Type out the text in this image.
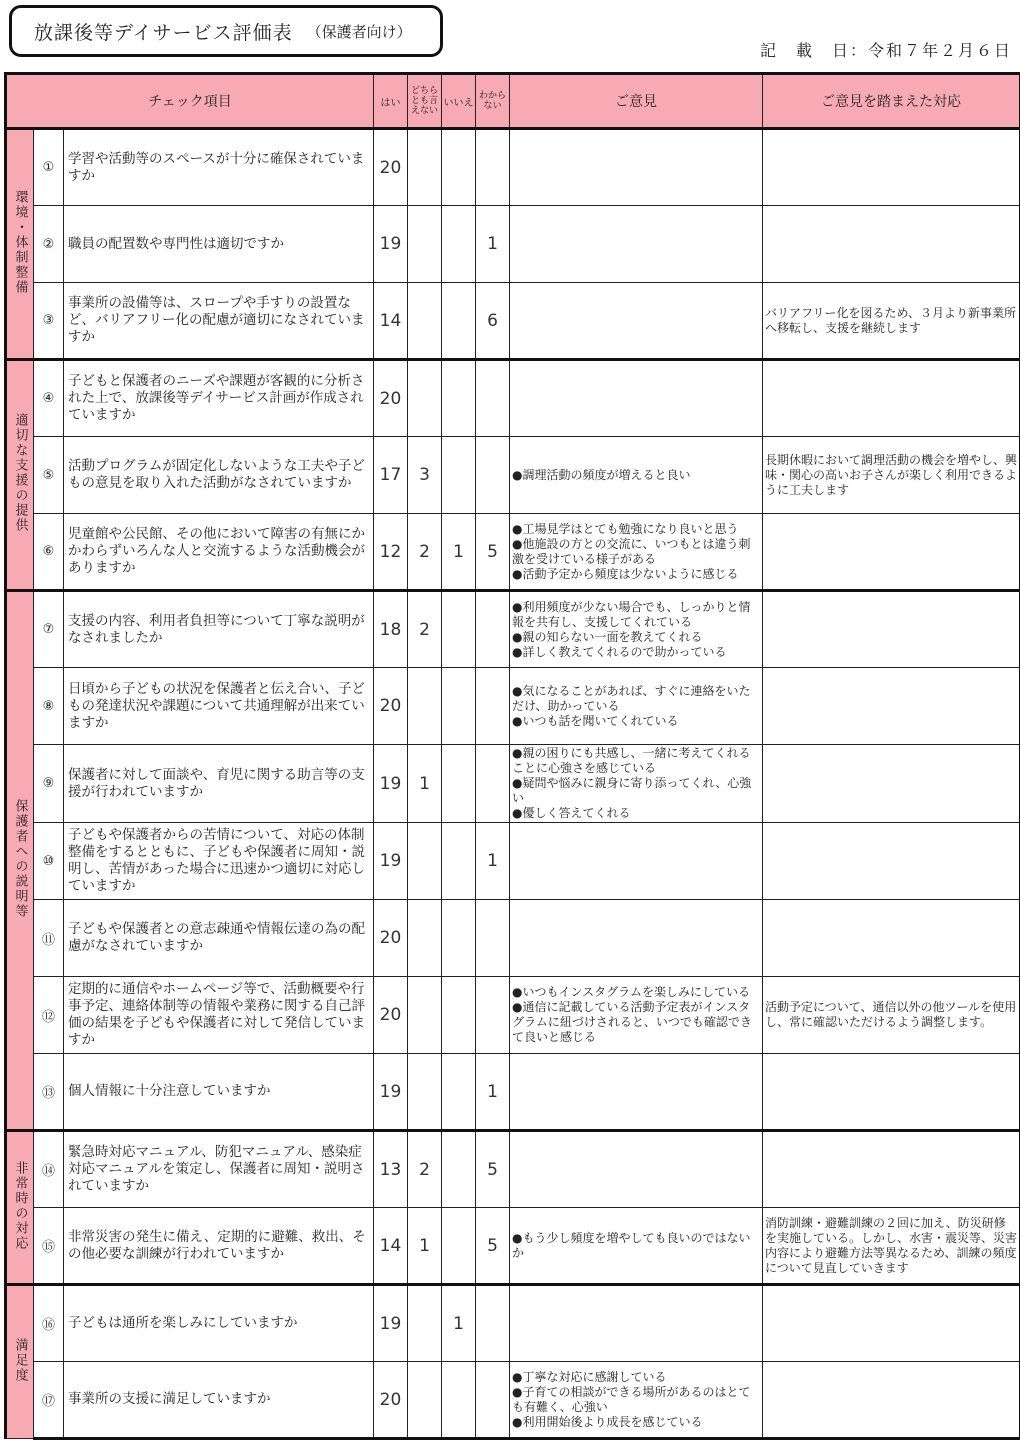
放課後等デイサービス評価表 （保護者向け）
記　載　日：令和７年２月６日
チェック項目			はい	どちらとも言えない	いいえ	わからない	ご意見	ご意見を踏まえた対応
環境・体制整備	①	学習や活動等のスペースが十分に確保されていますか	20					
	②	職員の配置数や専門性は適切ですか	19			1		
	③	事業所の設備等は、スロープや手すりの設置など、バリアフリー化の配慮が適切になされていますか	14			6		バリアフリー化を図るため、３月より新事業所へ移転し、支援を継続します
適切な支援の提供	④	子どもと保護者のニーズや課題が客観的に分析された上で、放課後等デイサービス計画が作成されていますか	20					
	⑤	活動プログラムが固定化しないような工夫や子どもの意見を取り入れた活動がなされていますか	17	3			●調理活動の頻度が増えると良い	長期休暇において調理活動の機会を増やし、興味・関心の高いお子さんが楽しく利用できるように工夫します
	⑥	児童館や公民館、その他において障害の有無にかかわらずいろんな人と交流するような活動機会がありますか	12	2	1	5	●工場見学はとても勉強になり良いと思う
●他施設の方との交流に、いつもとは違う刺激を受けている様子がある
●活動予定から頻度は少ないように感じる	
保護者への説明等	⑦	支援の内容、利用者負担等について丁寧な説明がなされましたか	18	2			●利用頻度が少ない場合でも、しっかりと情報を共有し、支援してくれている
●親の知らない一面を教えてくれる
●詳しく教えてくれるので助かっている	
	⑧	日頃から子どもの状況を保護者と伝え合い、子どもの発達状況や課題について共通理解が出来ていますか	20				●気になることがあれば、すぐに連絡をいただけ、助かっている
●いつも話を聞いてくれている	
	⑨	保護者に対して面談や、育児に関する助言等の支援が行われていますか	19	1			●親の困りにも共感し、一緒に考えてくれることに心強さを感じている
●疑問や悩みに親身に寄り添ってくれ、心強い
●優しく答えてくれる	
	⑩	子どもや保護者からの苦情について、対応の体制整備をするとともに、子どもや保護者に周知・説明し、苦情があった場合に迅速かつ適切に対応していますか	19			1		
	⑪	子どもや保護者との意志疎通や情報伝達の為の配慮がなされていますか	20					
	⑫	定期的に通信やホームページ等で、活動概要や行事予定、連絡体制等の情報や業務に関する自己評価の結果を子どもや保護者に対して発信していますか	20				●いつもインスタグラムを楽しみにしている
●通信に記載している活動予定表がインスタグラムに紐づけされると、いつでも確認できて良いと感じる	活動予定について、通信以外の他ツールを使用し、常に確認いただけるよう調整します。
	⑬	個人情報に十分注意していますか	19			1		
非常時の対応	⑭	緊急時対応マニュアル、防犯マニュアル、感染症対応マニュアルを策定し、保護者に周知・説明されていますか	13	2		5		
	⑮	非常災害の発生に備え、定期的に避難、救出、その他必要な訓練が行われていますか	14	1		5	●もう少し頻度を増やしても良いのではないか	消防訓練・避難訓練の２回に加え、防災研修を実施している。しかし、水害・震災等、災害内容により避難方法等異なるため、訓練の頻度について見直していきます
満足度	⑯	子どもは通所を楽しみにしていますか	19		1			
	⑰	事業所の支援に満足していますか	20				●丁寧な対応に感謝している
●子育ての相談ができる場所があるのはとても有難く、心強い
●利用開始後より成長を感じている	
